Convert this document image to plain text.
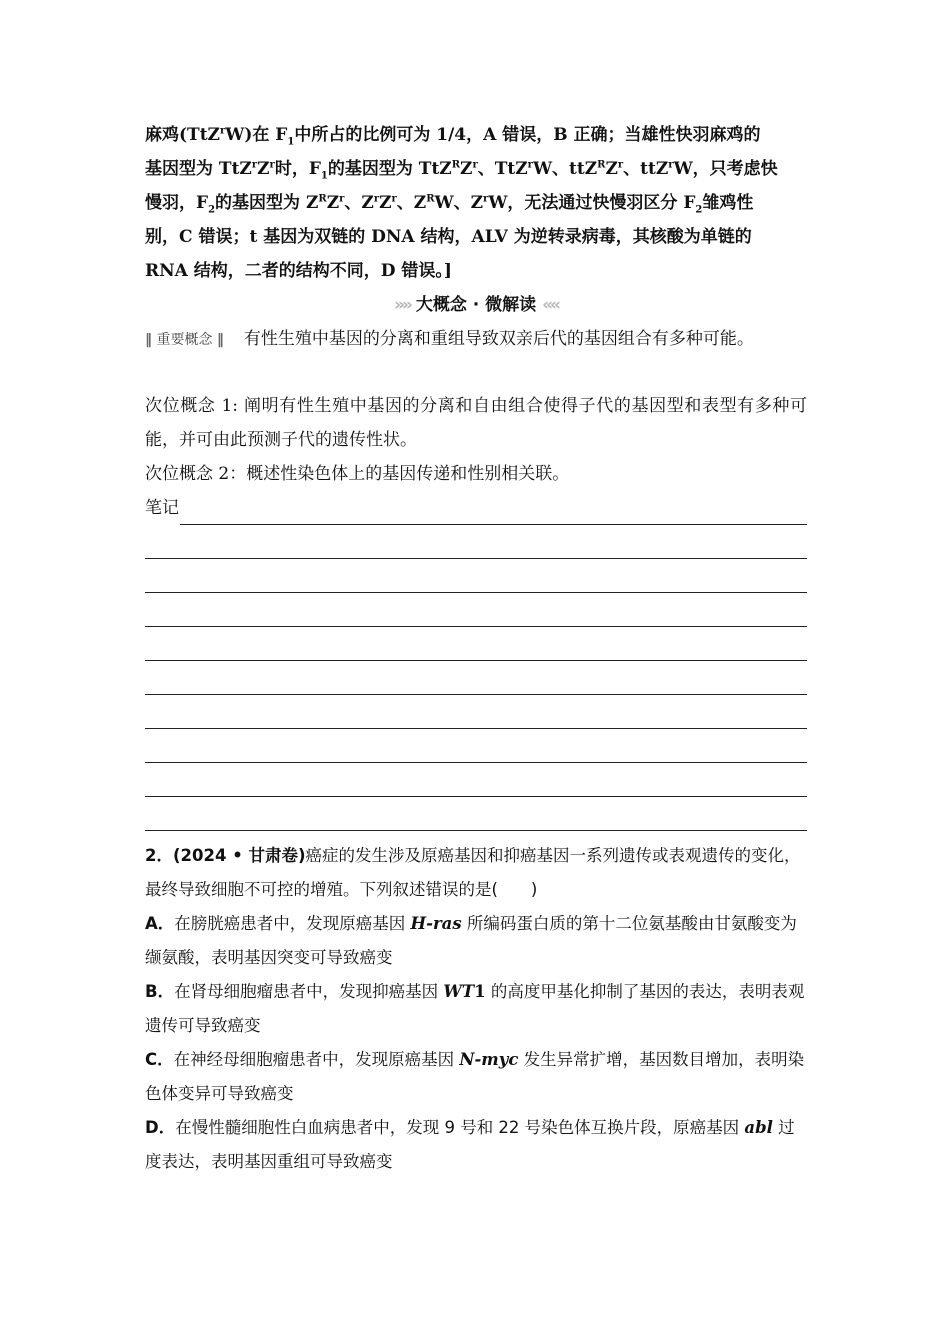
麻鸡(TtZ$^r$W)在 $F_1$中所占的比例可为 1/4，A 错误，B 正确；当雄性快羽麻鸡的

基因型为 $TtZ^rZ^r$时，$F_1$的基因型为 $TtZ^RZ^r$、TtZ$^r$W、$ttZ^RZ^r$、ttZ$^r$W，只考虑快

慢羽，$F_2$的基因型为 $Z^RZ^r$、$Z^rZ^r$、$Z^RW$、$Z^rW$，无法通过快慢羽区分 $F_2$雏鸡性

别，C 错误；t 基因为双链的 DNA 结构，ALV 为逆转录病毒，其核酸为单链的

RNA 结构，二者的结构不同，D 错误。]

»» 大概念 · 微解读 ««

‖ 重要概念 ‖ 有性生殖中基因的分离和重组导致双亲后代的基因组合有多种可能。

次位概念 1: 阐明有性生殖中基因的分离和自由组合使得子代的基因型和表型有多种可能，并可由此预测子代的遗传性状。

次位概念 2：概述性染色体上的基因传递和性别相关联。

笔记

2．(2024 • 甘肃卷)癌症的发生涉及原癌基因和抑癌基因一系列遗传或表观遗传的变化，最终导致细胞不可控的增殖。下列叙述错误的是(　　)

A．在膀胱癌患者中，发现原癌基因 H-ras 所编码蛋白质的第十二位氨基酸由甘氨酸变为缬氨酸，表明基因突变可导致癌变

B．在肾母细胞瘤患者中，发现抑癌基因 WT1 的高度甲基化抑制了基因的表达，表明表观遗传可导致癌变

C．在神经母细胞瘤患者中，发现原癌基因 N-myc 发生异常扩增，基因数目增加，表明染色体变异可导致癌变

D．在慢性髓细胞性白血病患者中，发现 9 号和 22 号染色体互换片段，原癌基因 abl 过度表达，表明基因重组可导致癌变
